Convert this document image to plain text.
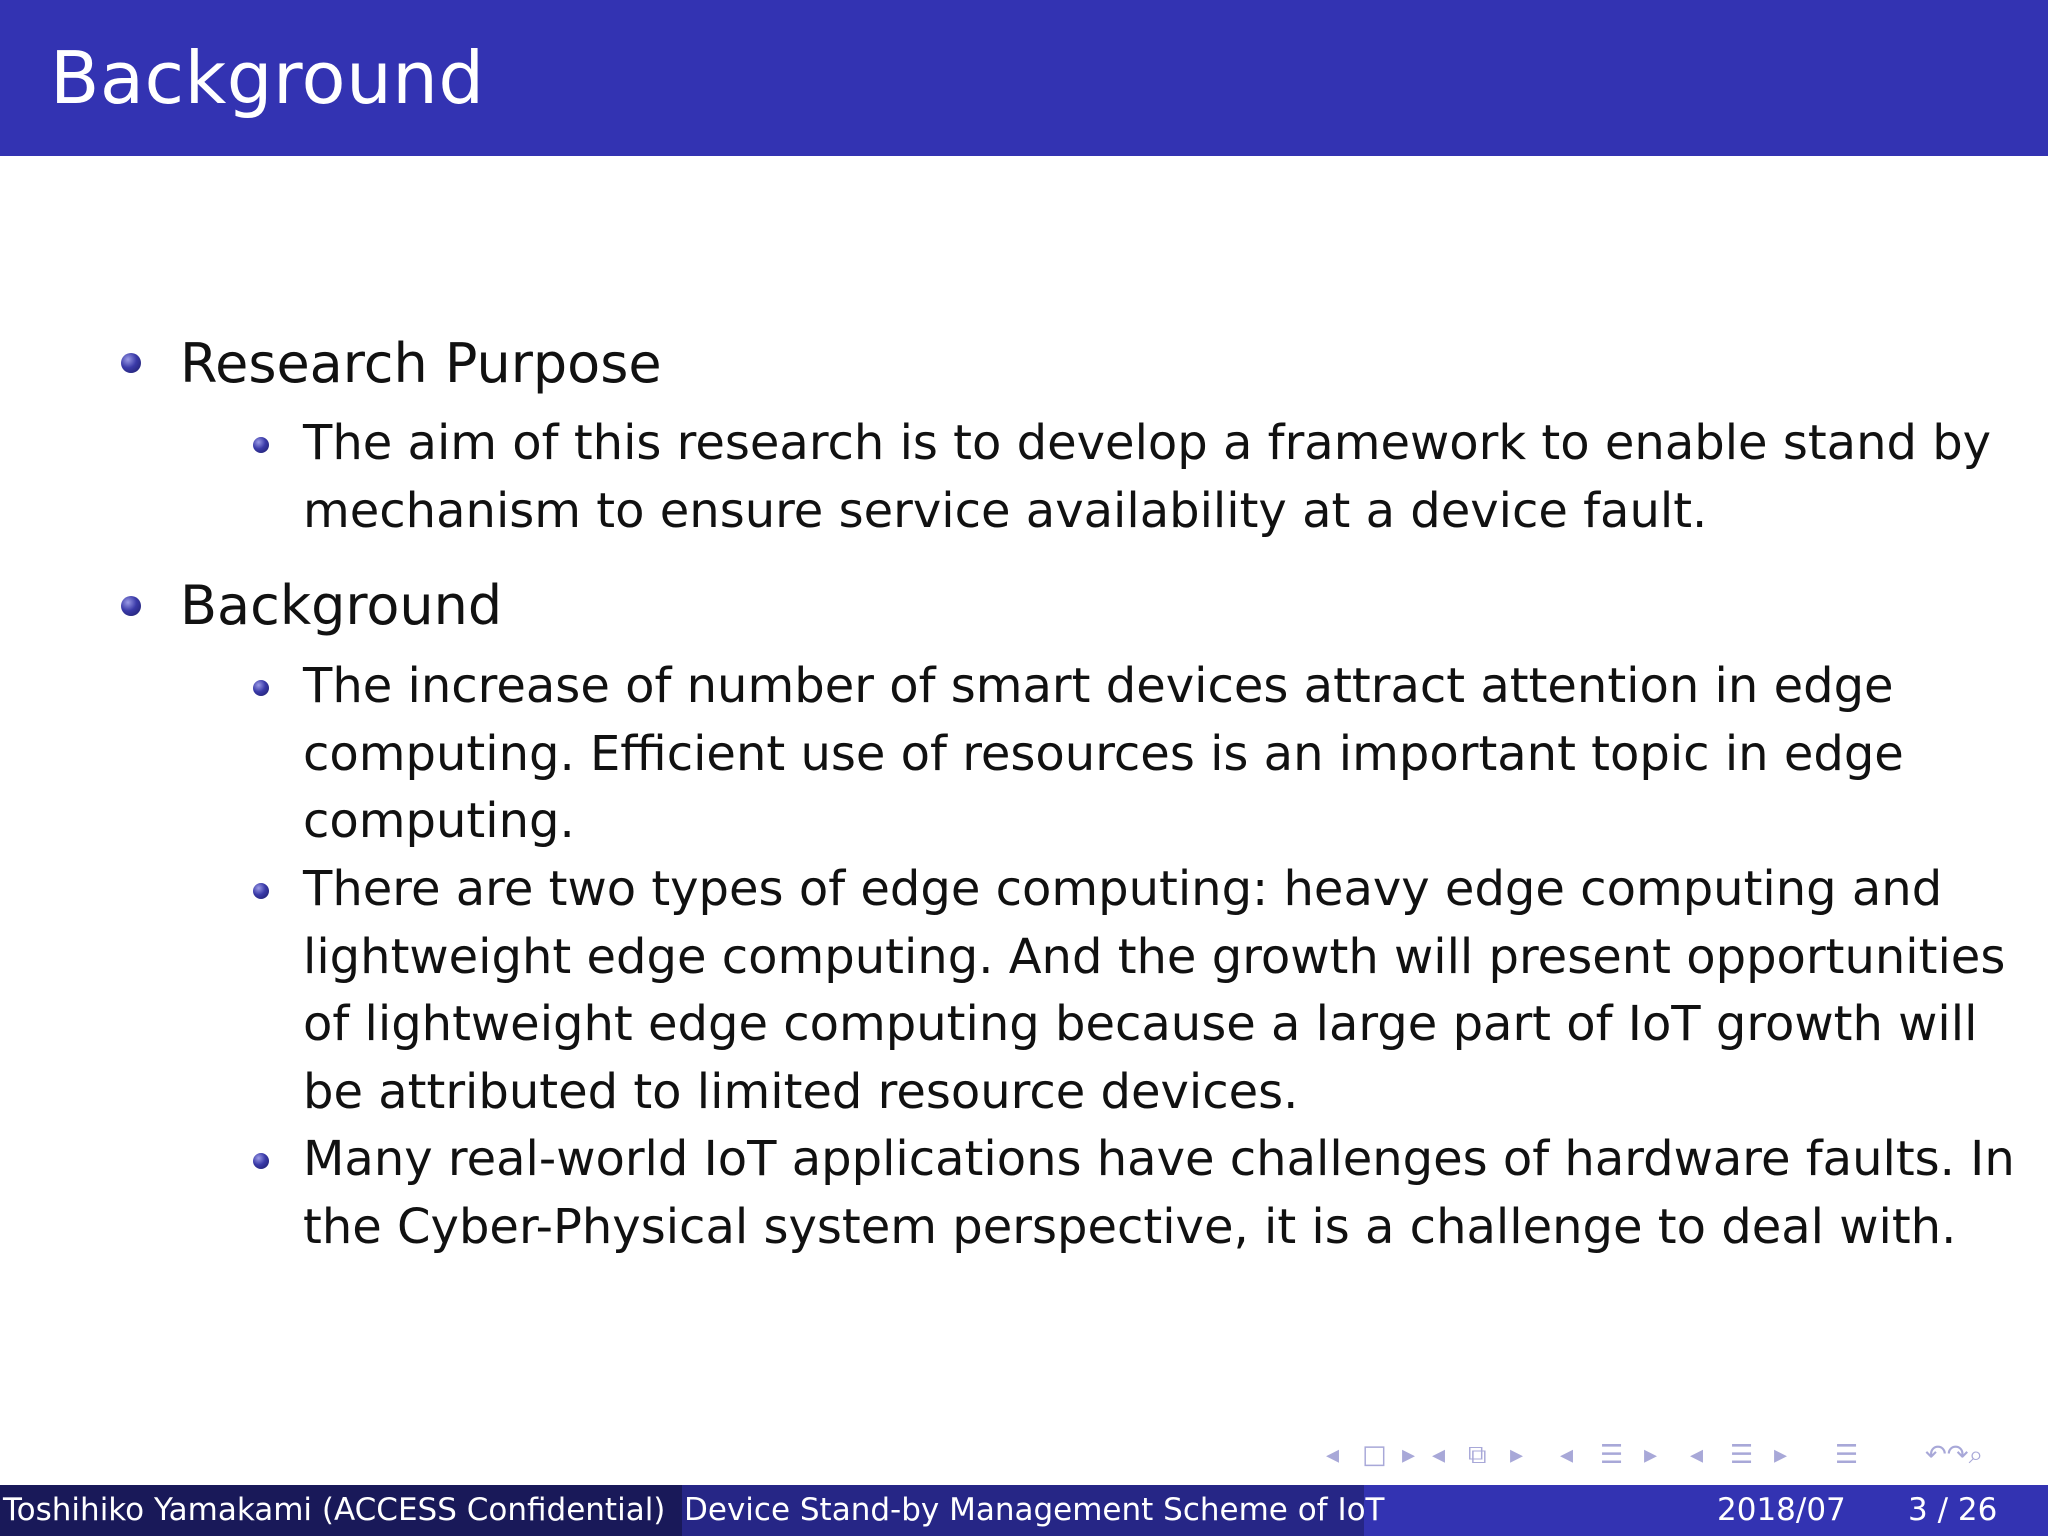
Background
Research Purpose
The aim of this research is to develop a framework to enable stand by
mechanism to ensure service availability at a device fault.
Background
The increase of number of smart devices attract attention in edge
computing. Efficient use of resources is an important topic in edge
computing.
There are two types of edge computing: heavy edge computing and
lightweight edge computing. And the growth will present opportunities
of lightweight edge computing because a large part of IoT growth will
be attributed to limited resource devices.
Many real-world IoT applications have challenges of hardware faults. In
the Cyber-Physical system perspective, it is a challenge to deal with.
◂ □ ▸ ◂ ⧉ ▸ ◂ ☰ ▸ ◂ ☰ ▸ ☰	↶↷⌕
Toshihiko Yamakami (ACCESS Confidential) Device Stand-by Management Scheme of IoT	2018/07 3 / 26
